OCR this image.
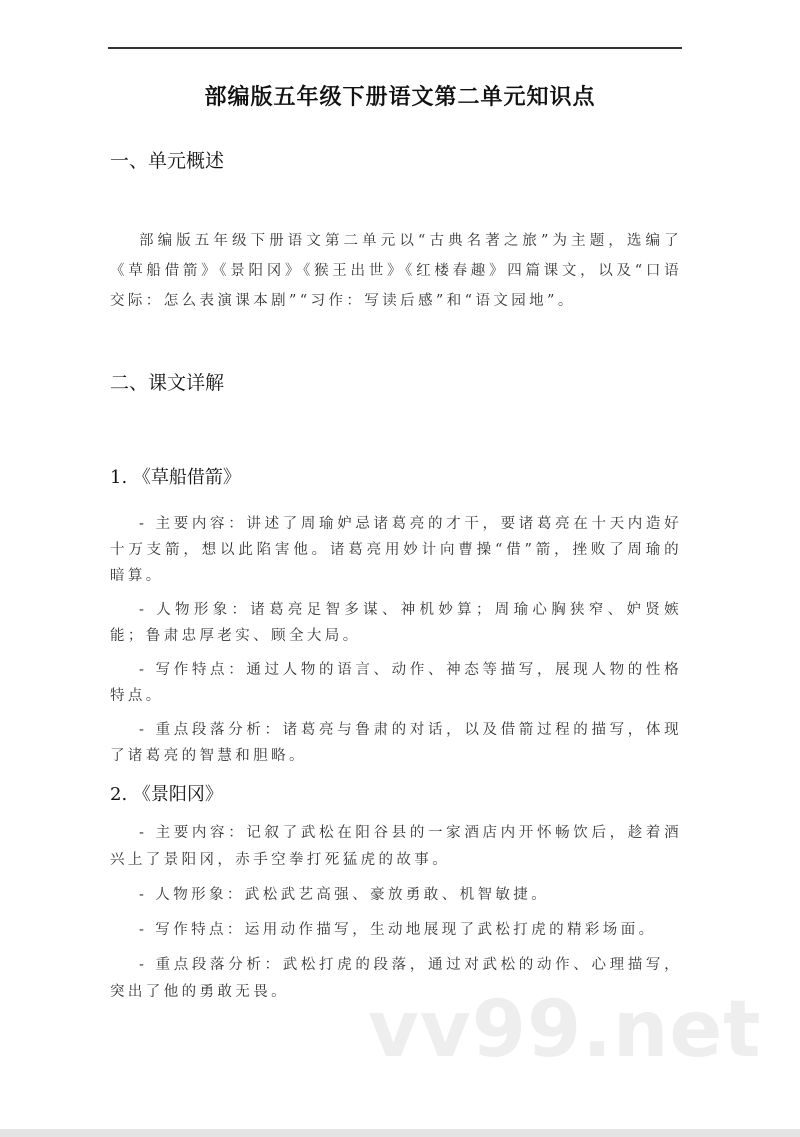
部编版五年级下册语文第二单元知识点
一、单元概述

部编版五年级下册语文第二单元以“古典名著之旅”为主题，选编了《草船借箭》《景阳冈》《猴王出世》《红楼春趣》四篇课文，以及“口语交际：怎么表演课本剧”“习作：写读后感”和“语文园地”。

二、课文详解
1. 《草船借箭》

- 主要内容：讲述了周瑜妒忌诸葛亮的才干，要诸葛亮在十天内造好十万支箭，想以此陷害他。诸葛亮用妙计向曹操“借”箭，挫败了周瑜的暗算。

- 人物形象：诸葛亮足智多谋、神机妙算；周瑜心胸狭窄、妒贤嫉能；鲁肃忠厚老实、顾全大局。

- 写作特点：通过人物的语言、动作、神态等描写，展现人物的性格特点。

- 重点段落分析：诸葛亮与鲁肃的对话，以及借箭过程的描写，体现了诸葛亮的智慧和胆略。

2. 《景阳冈》

- 主要内容：记叙了武松在阳谷县的一家酒店内开怀畅饮后，趁着酒兴上了景阳冈，赤手空拳打死猛虎的故事。

- 人物形象：武松武艺高强、豪放勇敢、机智敏捷。

- 写作特点：运用动作描写，生动地展现了武松打虎的精彩场面。

- 重点段落分析：武松打虎的段落，通过对武松的动作、心理描写，突出了他的勇敢无畏。	vv99.net
